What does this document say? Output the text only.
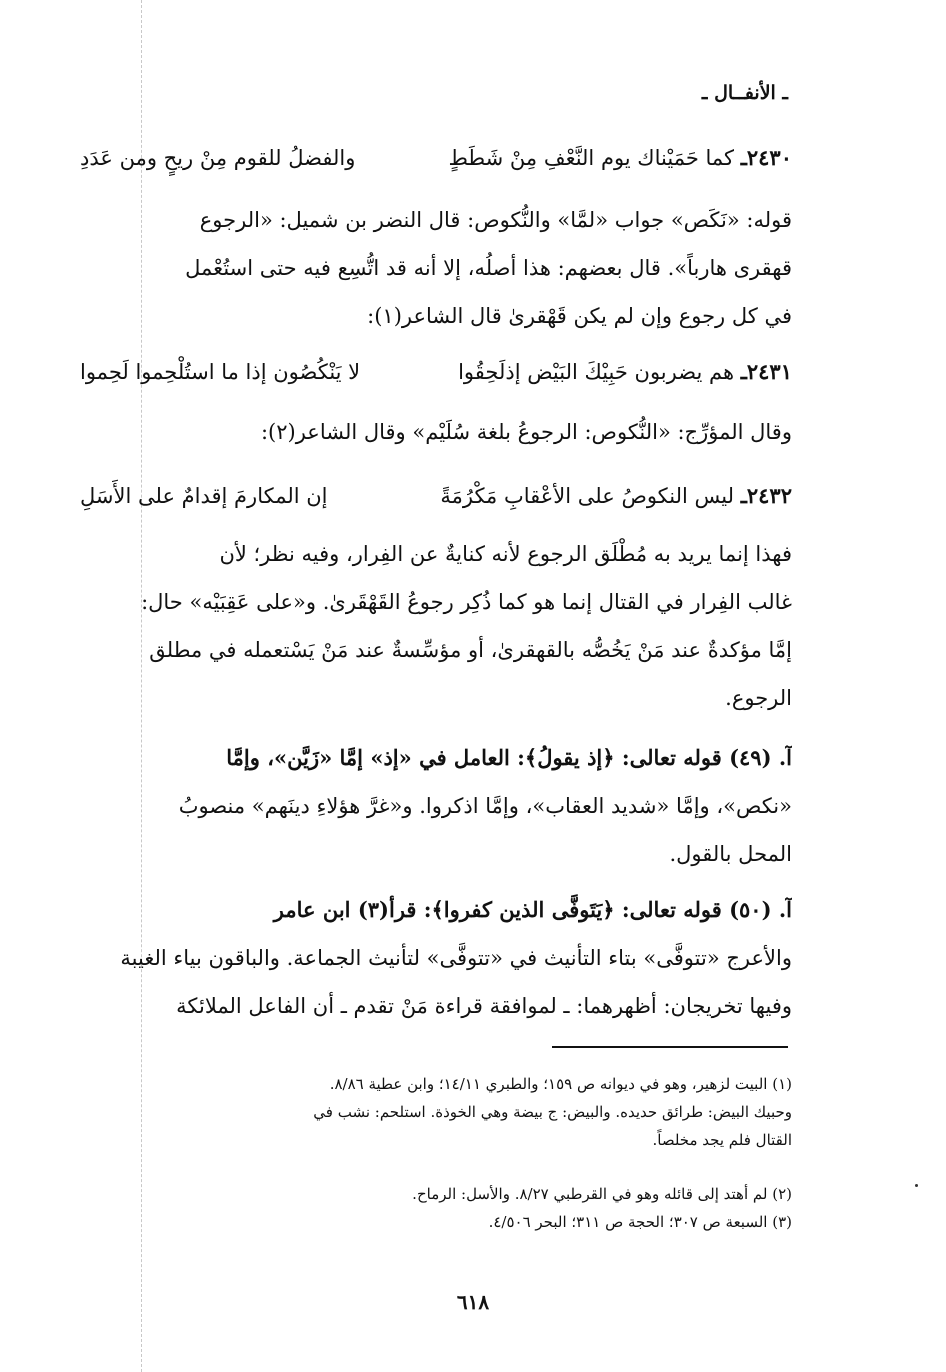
ـ الأنفــال ـ
٢٤٣٠ـ كما حَمَيْناك يوم النَّعْفِ مِنْ شَطَطٍ
والفضلُ للقوم مِنْ ريحٍ ومن عَدَدِ
قوله: «نَكَص» جواب «لمَّا» والنُّكوص: قال النضر بن شميل: «الرجوع
قهقرى هارباً». قال بعضهم: هذا أصلُه، إلا أنه قد اتُّسِع فيه حتى استُعْمل
في كل رجوع وإن لم يكن قَهْقرىٰ قال الشاعر(١):
٢٤٣١ـ هم يضربون حَبِيْكَ البَيْض إذلَحِقُوا
لا يَنْكُصُون إذا ما استُلْحِموا لَحِموا
وقال المؤرِّج: «النُّكوص: الرجوعُ بلغة سُلَيْم» وقال الشاعر(٢):
٢٤٣٢ـ ليس النكوصُ على الأعْقابِ مَكْرُمَةً
إن المكارمَ إقدامٌ على الأَسَلِ
فهذا إنما يريد به مُطْلَق الرجوع لأنه كنايةٌ عن الفِرار، وفيه نظر؛ لأن
غالب الفِرار في القتال إنما هو كما ذُكِر رجوعُ القَهْقَرىٰ. و«على عَقِبَيْه» حال:
إمَّا مؤكدةٌ عند مَنْ يَخُصُّه بالقهقرىٰ، أو مؤسِّسةٌ عند مَنْ يَسْتعمله في مطلق
الرجوع.
آ. (٤٩) قوله تعالى: ﴿إذ يقولُ﴾: العامل في «إذ» إمَّا «زَيَّن»، وإمَّا
«نكص»، وإمَّا «شديد العقاب»، وإمَّا اذكروا. و«غرَّ هؤلاءِ دينَهم» منصوبُ
المحل بالقول.
آ. (٥٠) قوله تعالى: ﴿يَتَوفَّى الذين كفروا﴾: قرأ(٣) ابن عامر
والأعرج «تتوفَّى» بتاء التأنيث في «تتوفَّى» لتأنيث الجماعة. والباقون بياء الغيبة
وفيها تخريجان: أظهرهما: ـ لموافقة قراءة مَنْ تقدم ـ أن الفاعل الملائكة
(١) البيت لزهير، وهو في ديوانه ص ١٥٩؛ والطبري ١٤/١١؛ وابن عطية ٨/٨٦.
وحبيك البيض: طرائق حديده. والبيض: ج بيضة وهي الخوذة. استلحم: نشب في
القتال فلم يجد مخلصاً.
(٢) لم أهتد إلى قائله وهو في القرطبي ٨/٢٧. والأسل: الرماح.
(٣) السبعة ص ٣٠٧؛ الحجة ص ٣١١؛ البحر ٤/٥٠٦.
٦١٨
